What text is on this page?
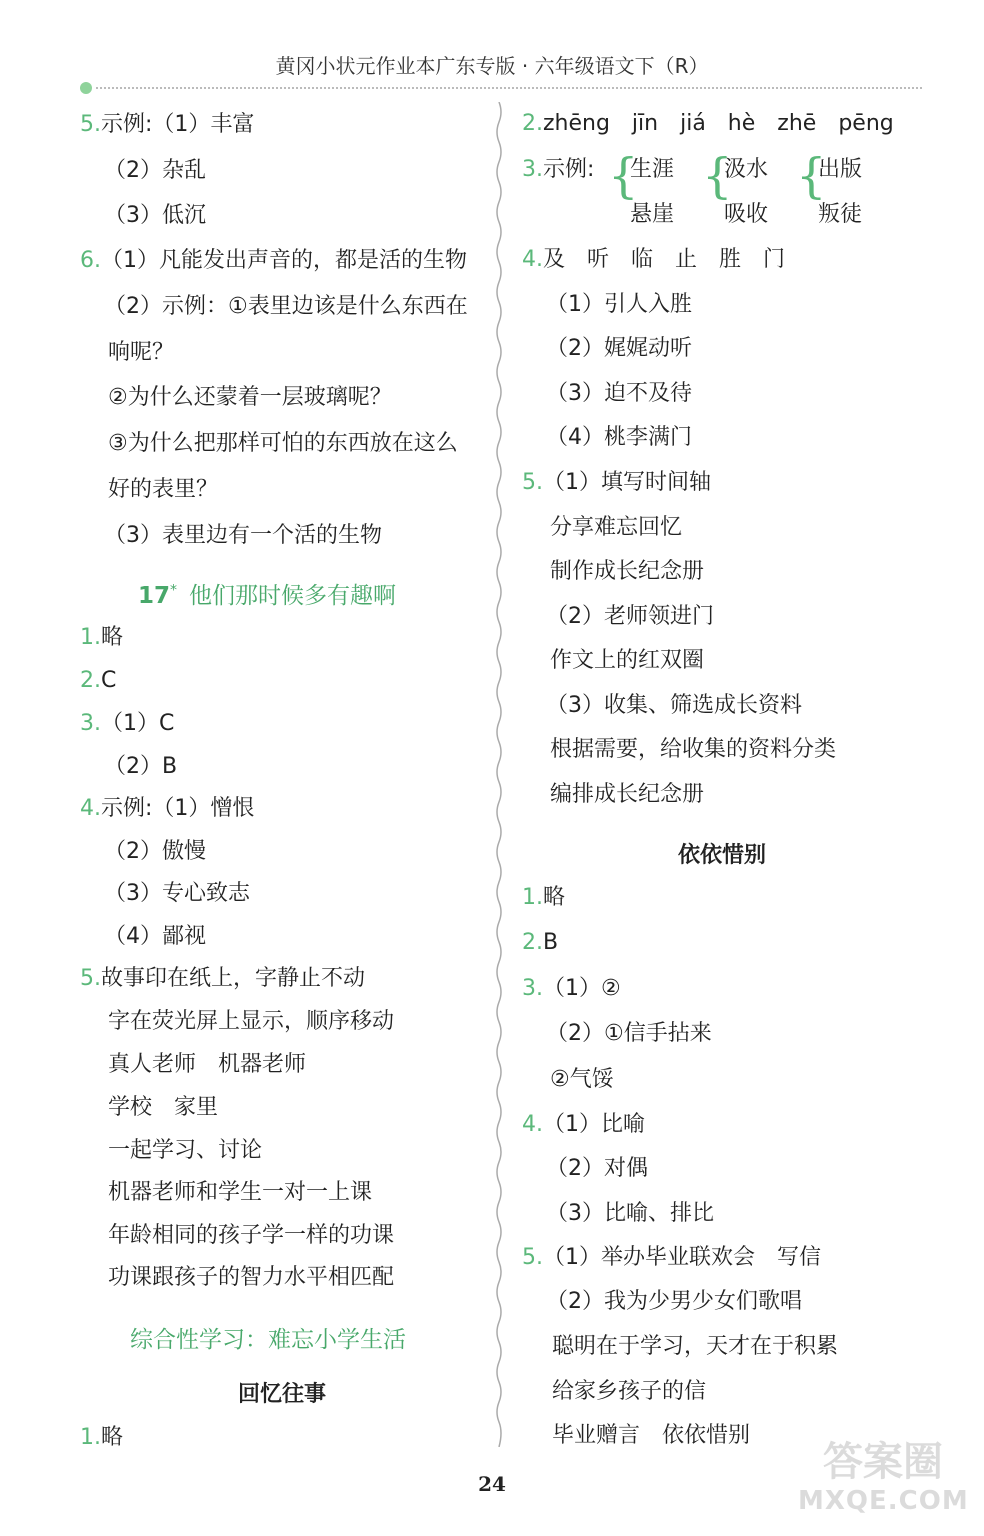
黄冈小状元作业本广东专版 · 六年级语文下（R）
5.示例:（1）丰富
（2）杂乱
（3）低沉
6.（1）凡能发出声音的，都是活的生物
（2）示例：①表里边该是什么东西在
响呢？
②为什么还蒙着一层玻璃呢？
③为什么把那样可怕的东西放在这么
好的表里？
（3）表里边有一个活的生物
17* 他们那时候多有趣啊
1.略
2.C
3.（1）C
（2）B
4.示例:（1）憎恨
（2）傲慢
（3）专心致志
（4）鄙视
5.故事印在纸上，字静止不动
字在荧光屏上显示，顺序移动
真人老师　机器老师
学校　家里
一起学习、讨论
机器老师和学生一对一上课
年龄相同的孩子学一样的功课
功课跟孩子的智力水平相匹配
综合性学习：难忘小学生活
回忆往事
1.略
2.zhēng　jīn　jiá　hè　zhē　pēng
3.示例: {
生涯
悬崖
{
汲水
吸收
{
出版
叛徒
4.及　听　临　止　胜　门
（1）引人入胜
（2）娓娓动听
（3）迫不及待
（4）桃李满门
5.（1）填写时间轴
分享难忘回忆
制作成长纪念册
（2）老师领进门
作文上的红双圈
（3）收集、筛选成长资料
根据需要，给收集的资料分类
编排成长纪念册
依依惜别
1.略
2.B
3.（1）②
（2）①信手拈来
②气馁
4.（1）比喻
（2）对偶
（3）比喻、排比
5.（1）举办毕业联欢会　写信
（2）我为少男少女们歌唱
聪明在于学习，天才在于积累
给家乡孩子的信
毕业赠言　依依惜别
24	答案圈
MXQE.COM
